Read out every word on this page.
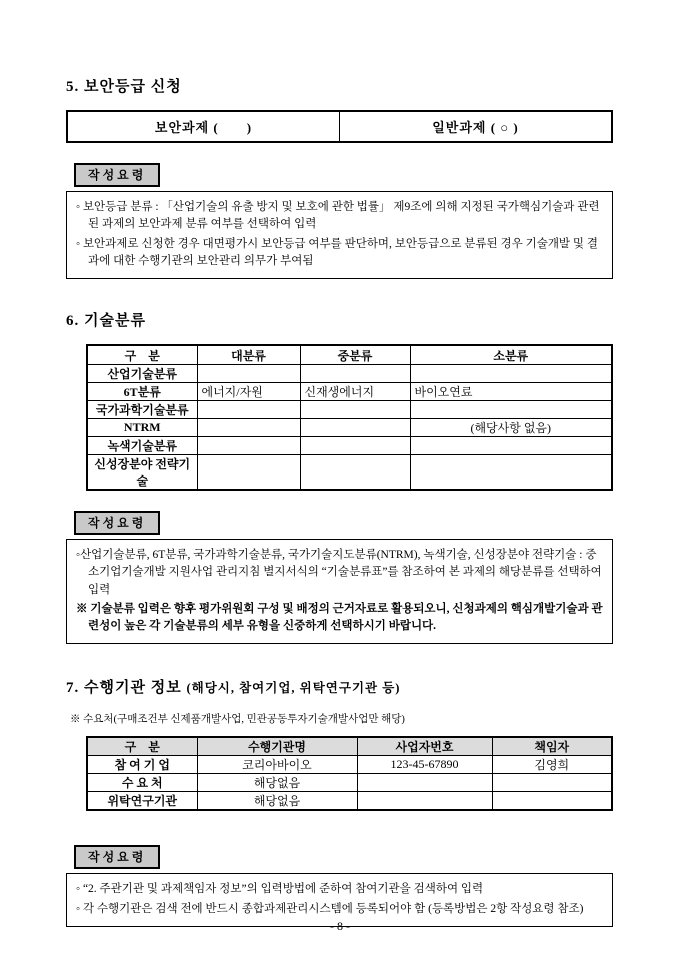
5. 보안등급 신청
보안과제 (　　)	일반과제 ( ○ )
작성요령

◦ 보안등급 분류 : 「산업기술의 유출 방지 및 보호에 관한 법률」 제9조에 의해 지정된 국가핵심기술과 관련된 과제의 보안과제 분류 여부를 선택하여 입력

◦ 보안과제로 신청한 경우 대면평가시 보안등급 여부를 판단하며, 보안등급으로 분류된 경우 기술개발 및 결과에 대한 수행기관의 보안관리 의무가 부여됨

6. 기술분류
구　분	대분류	중분류	소분류
산업기술분류			
6T분류	에너지/자원	신재생에너지	바이오연료
국가과학기술분류			
NTRM			(해당사항 없음)
녹색기술분류			
신성장분야 전략기술			
작성요령

◦산업기술분류, 6T분류, 국가과학기술분류, 국가기술지도분류(NTRM), 녹색기술, 신성장분야 전략기술 : 중소기업기술개발 지원사업 관리지침 별지서식의 “기술분류표”를 참조하여 본 과제의 해당분류를 선택하여 입력

※ 기술분류 입력은 향후 평가위원회 구성 및 배정의 근거자료로 활용되오니, 신청과제의 핵심개발기술과 관련성이 높은 각 기술분류의 세부 유형을 신중하게 선택하시기 바랍니다.

7. 수행기관 정보 (해당시, 참여기업, 위탁연구기관 등)
※ 수요처(구매조건부 신제품개발사업, 민관공동투자기술개발사업만 해당)
구　분	수행기관명	사업자번호	책임자
참 여 기 업	코리아바이오	123-45-67890	김영희
수 요 처	해당없음		
위탁연구기관	해당없음		
작성요령

◦ “2. 주관기관 및 과제책임자 정보”의 입력방법에 준하여 참여기관을 검색하여 입력

◦ 각 수행기관은 검색 전에 반드시 종합과제관리시스템에 등록되어야 함 (등록방법은 2항 작성요령 참조)

- 8 -
